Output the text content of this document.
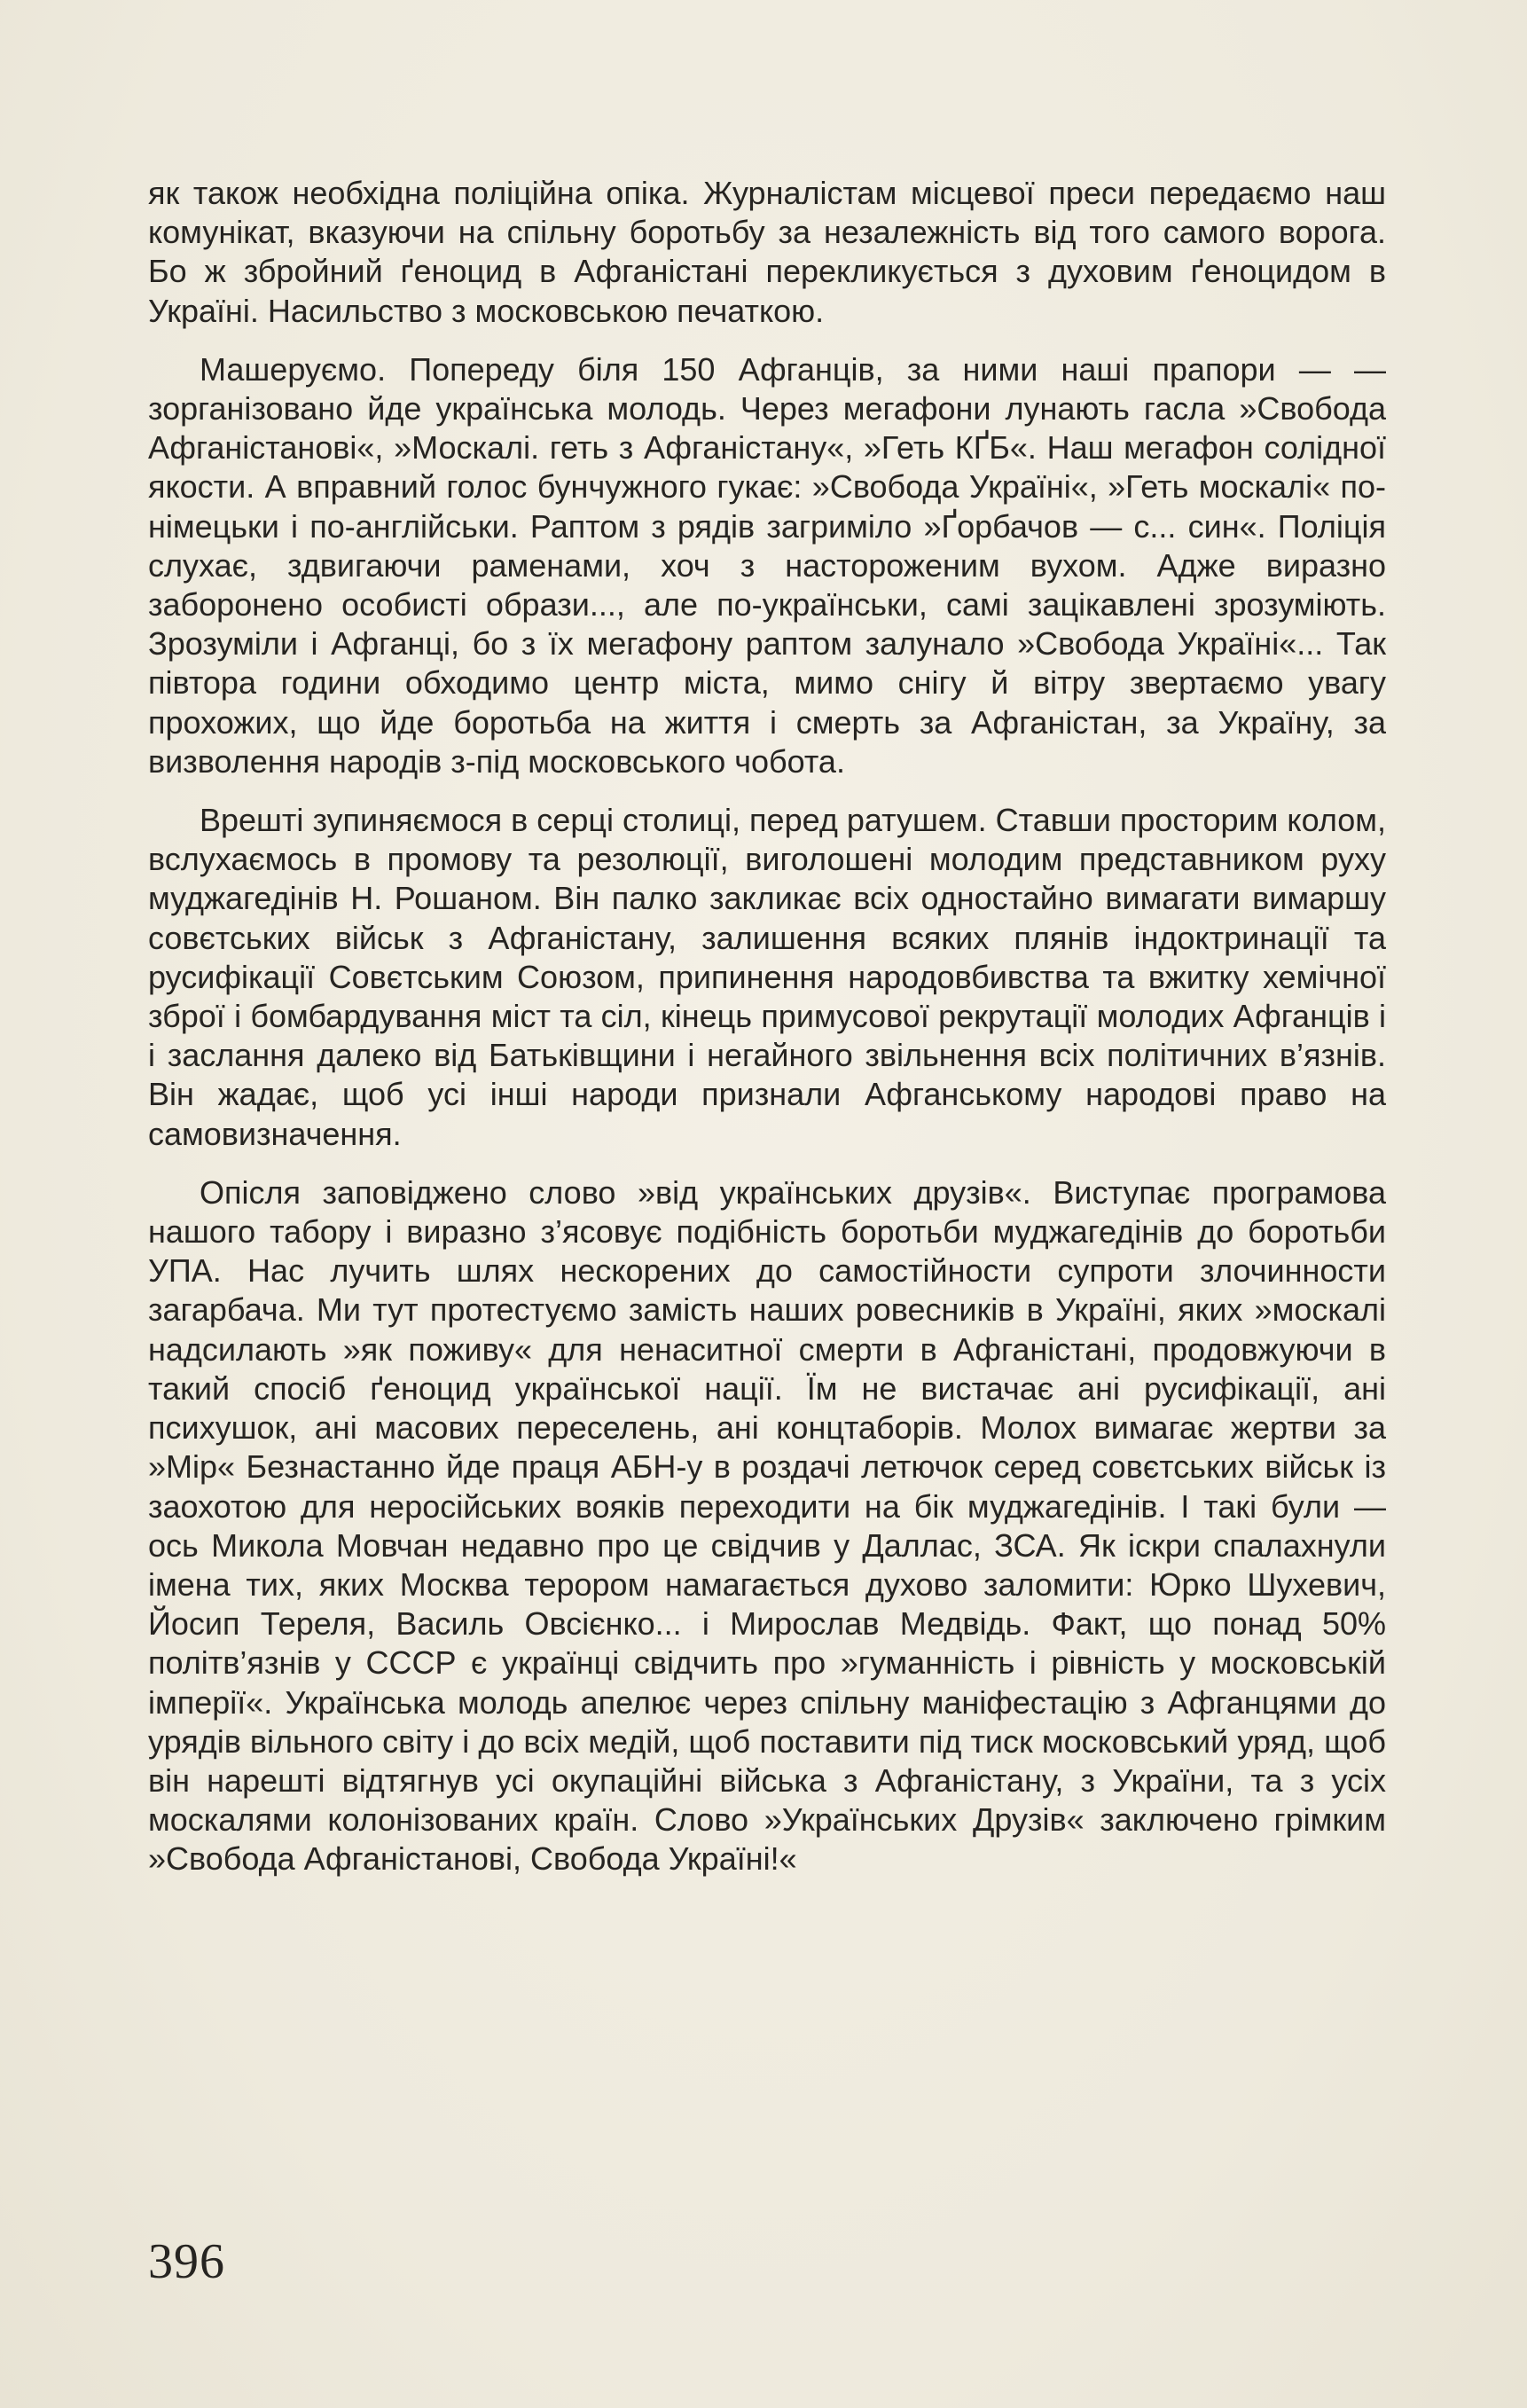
як також необхідна поліційна опіка. Журналістам місцевої преси передаємо наш комунікат, вказуючи на спільну боротьбу за незалежність від того самого ворога. Бо ж збройний ґеноцид в Афганістані перекликується з духовим ґеноцидом в Україні. Насильство з московською печаткою.

Машеруємо. Попереду біля 150 Афганців, за ними наші прапори — — зорганізовано йде українська молодь. Через мегафони лунають гасла »Свобода Афганістанові«, »Москалі. геть з Афганістану«, »Геть КҐБ«. Наш мегафон солідної якости. А вправний голос бунчужного гукає: »Свобода Україні«, »Геть москалі« по-німецьки і по-англійськи. Раптом з рядів загриміло »Ґорбачов — с... син«. Поліція слухає, здвигаючи раменами, хоч з настороженим вухом. Адже виразно заборонено особисті образи..., але по-українськи, самі зацікавлені зрозуміють. Зрозуміли і Афганці, бо з їх мегафону раптом залунало »Свобода Україні«... Так півтора години обходимо центр міста, мимо снігу й вітру звертаємо увагу прохожих, що йде боротьба на життя і смерть за Афганістан, за Україну, за визволення народів з-під московського чобота.

Врешті зупиняємося в серці столиці, перед ратушем. Ставши просторим колом, вслухаємось в промову та резолюції, виголошені молодим представником руху муджагедінів Н. Рошаном. Він палко закликає всіх одностайно вимагати вимаршу совєтських військ з Афганістану, залишення всяких плянів індоктринації та русифікації Совєтським Союзом, припинення народовбивства та вжитку хемічної зброї і бомбардування міст та сіл, кінець примусової рекрутації молодих Афганців і і заслання далеко від Батьківщини і негайного звільнення всіх політичних в’язнів. Він жадає, щоб усі інші народи признали Афганському народові право на самовизначення.

Опісля заповіджено слово »від українських друзів«. Виступає програмова нашого табору і виразно з’ясовує подібність боротьби муджагедінів до боротьби УПА. Нас лучить шлях нескорених до самостійности супроти злочинности загарбача. Ми тут протестуємо замість наших ровесників в Україні, яких »москалі надсилають »як поживу« для ненаситної смерти в Афганістані, продовжуючи в такий спосіб ґеноцид української нації. Їм не вистачає ані русифікації, ані психушок, ані масових переселень, ані концтаборів. Молох вимагає жертви за »Мір« Безнастанно йде праця АБН-у в роздачі летючок серед совєтських військ із заохотою для неросійських вояків переходити на бік муджагедінів. І такі були — ось Микола Мовчан недавно про це свідчив у Даллас, ЗСА. Як іскри спалахнули імена тих, яких Москва терором намагається духово заломити: Юрко Шухевич, Йосип Тереля, Василь Овсієнко... і Мирослав Медвідь. Факт, що понад 50% політв’язнів у СССР є українці свідчить про »гуманність і рівність у московській імперії«. Українська молодь апелює через спільну маніфестацію з Афганцями до урядів вільного світу і до всіх медій, щоб поставити під тиск московський уряд, щоб він нарешті відтягнув усі окупаційні війська з Афганістану, з України, та з усіх москалями колонізованих країн. Слово »Українських Друзів« заключено грімким »Свобода Афганістанові, Свобода Україні!«

396
